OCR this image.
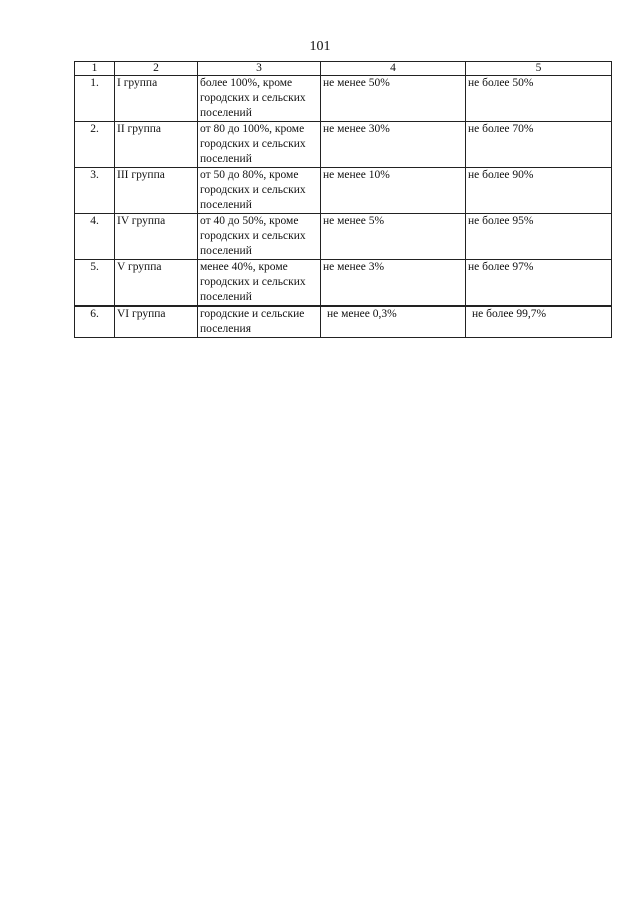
101
1	2	3	4	5
1.	I группа	более 100%, кроме городских и сельских поселений	не менее 50%	не более 50%

2.	II группа	от 80 до 100%, кроме городских и сельских поселений	не менее 30%	не более 70%

3.	III группа	от 50 до 80%, кроме городских и сельских поселений	не менее 10%	не более 90%

4.	IV группа	от 40 до 50%, кроме городских и сельских поселений	не менее 5%	не более 95%

5.	V группа	менее 40%, кроме городских и сельских поселений	не менее 3%	не более 97%

6.	VI группа	городские и сельские поселения	не менее 0,3%	не более 99,7%
